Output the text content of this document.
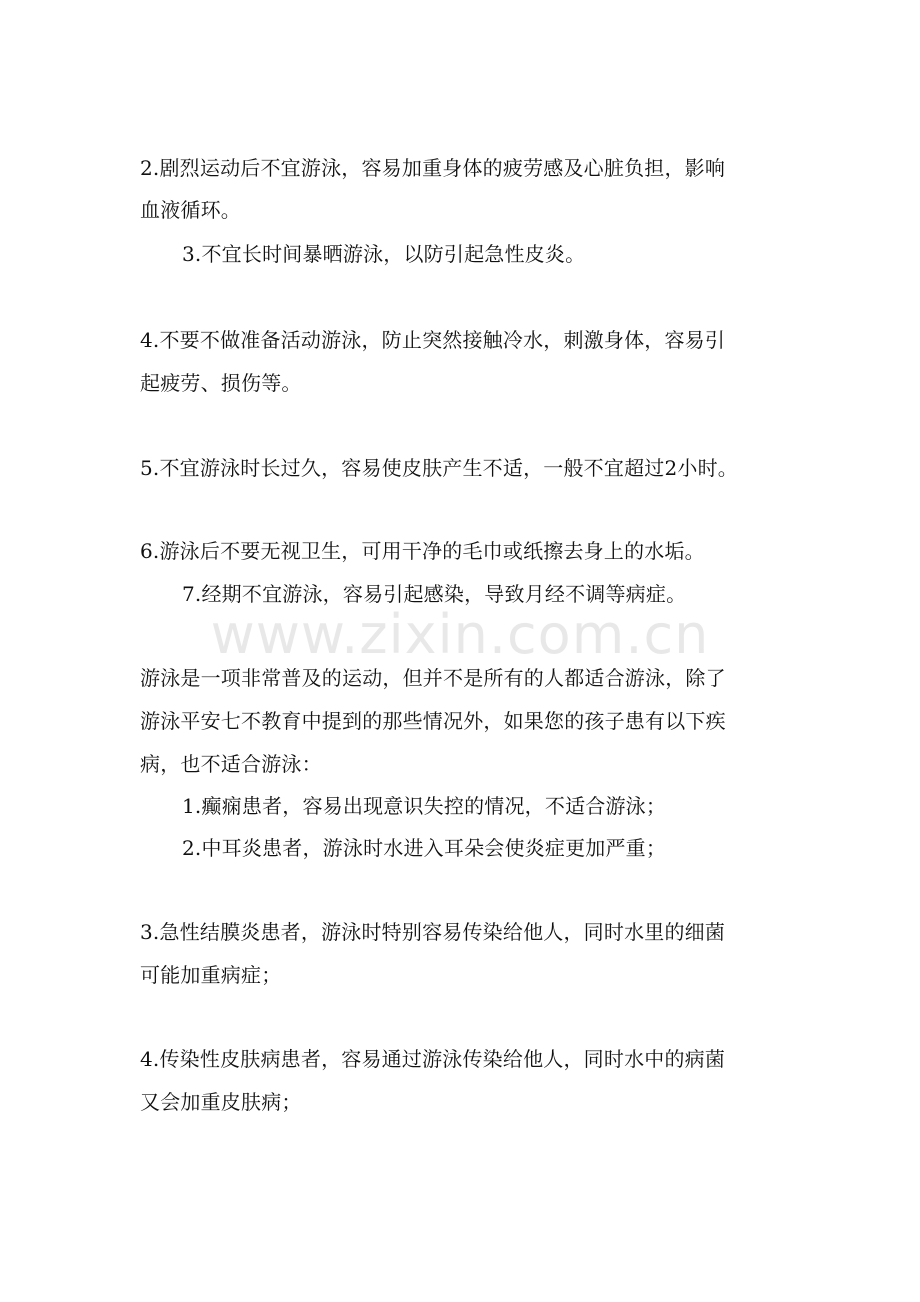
2.剧烈运动后不宜游泳，容易加重身体的疲劳感及心脏负担，影响
血液循环。
3.不宜长时间暴晒游泳，以防引起急性皮炎。
4.不要不做准备活动游泳，防止突然接触冷水，刺激身体，容易引
起疲劳、损伤等。
5.不宜游泳时长过久，容易使皮肤产生不适，一般不宜超过2小时。
6.游泳后不要无视卫生，可用干净的毛巾或纸擦去身上的水垢。
7.经期不宜游泳，容易引起感染，导致月经不调等病症。
www.zixin.com.cn
游泳是一项非常普及的运动，但并不是所有的人都适合游泳，除了
游泳平安七不教育中提到的那些情况外，如果您的孩子患有以下疾
病，也不适合游泳：
1.癫痫患者，容易出现意识失控的情况，不适合游泳；
2.中耳炎患者，游泳时水进入耳朵会使炎症更加严重；
3.急性结膜炎患者，游泳时特别容易传染给他人，同时水里的细菌
可能加重病症；
4.传染性皮肤病患者，容易通过游泳传染给他人，同时水中的病菌
又会加重皮肤病；
